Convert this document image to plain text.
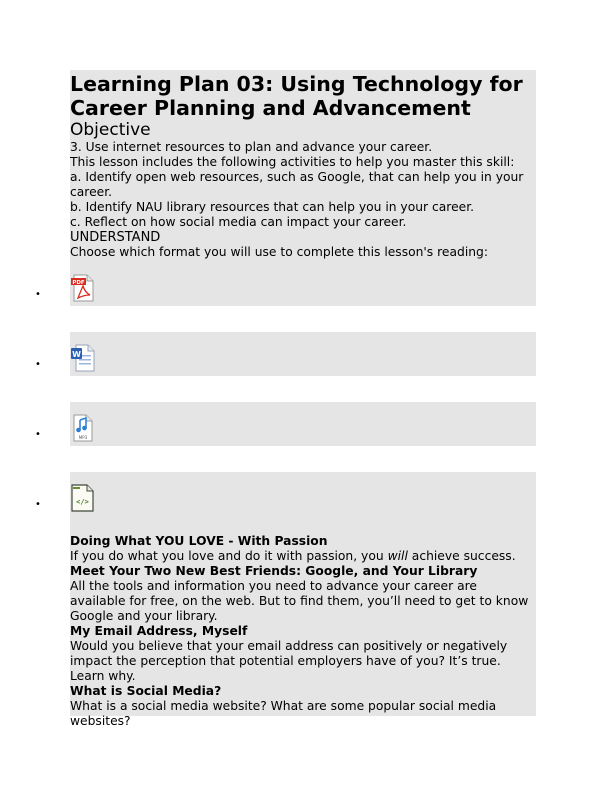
Learning Plan 03: Using Technology for Career Planning and Advancement
Objective

3. Use internet resources to plan and advance your career.

This lesson includes the following activities to help you master this skill:

a. Identify open web resources, such as Google, that can help you in your career.

b. Identify NAU library resources that can help you in your career.

c. Reflect on how social media can impact your career.

UNDERSTAND

Choose which format you will use to complete this lesson's reading:

•
PDF
•
W
•	MP3
•	</>

Doing What YOU LOVE - With Passion

If you do what you love and do it with passion, you will achieve success.

Meet Your Two New Best Friends: Google, and Your Library

All the tools and information you need to advance your career are available for free, on the web. But to find them, you’ll need to get to know Google and your library.

My Email Address, Myself

Would you believe that your email address can positively or negatively impact the perception that potential employers have of you? It’s true. Learn why.

What is Social Media?

What is a social media website? What are some popular social media websites?
